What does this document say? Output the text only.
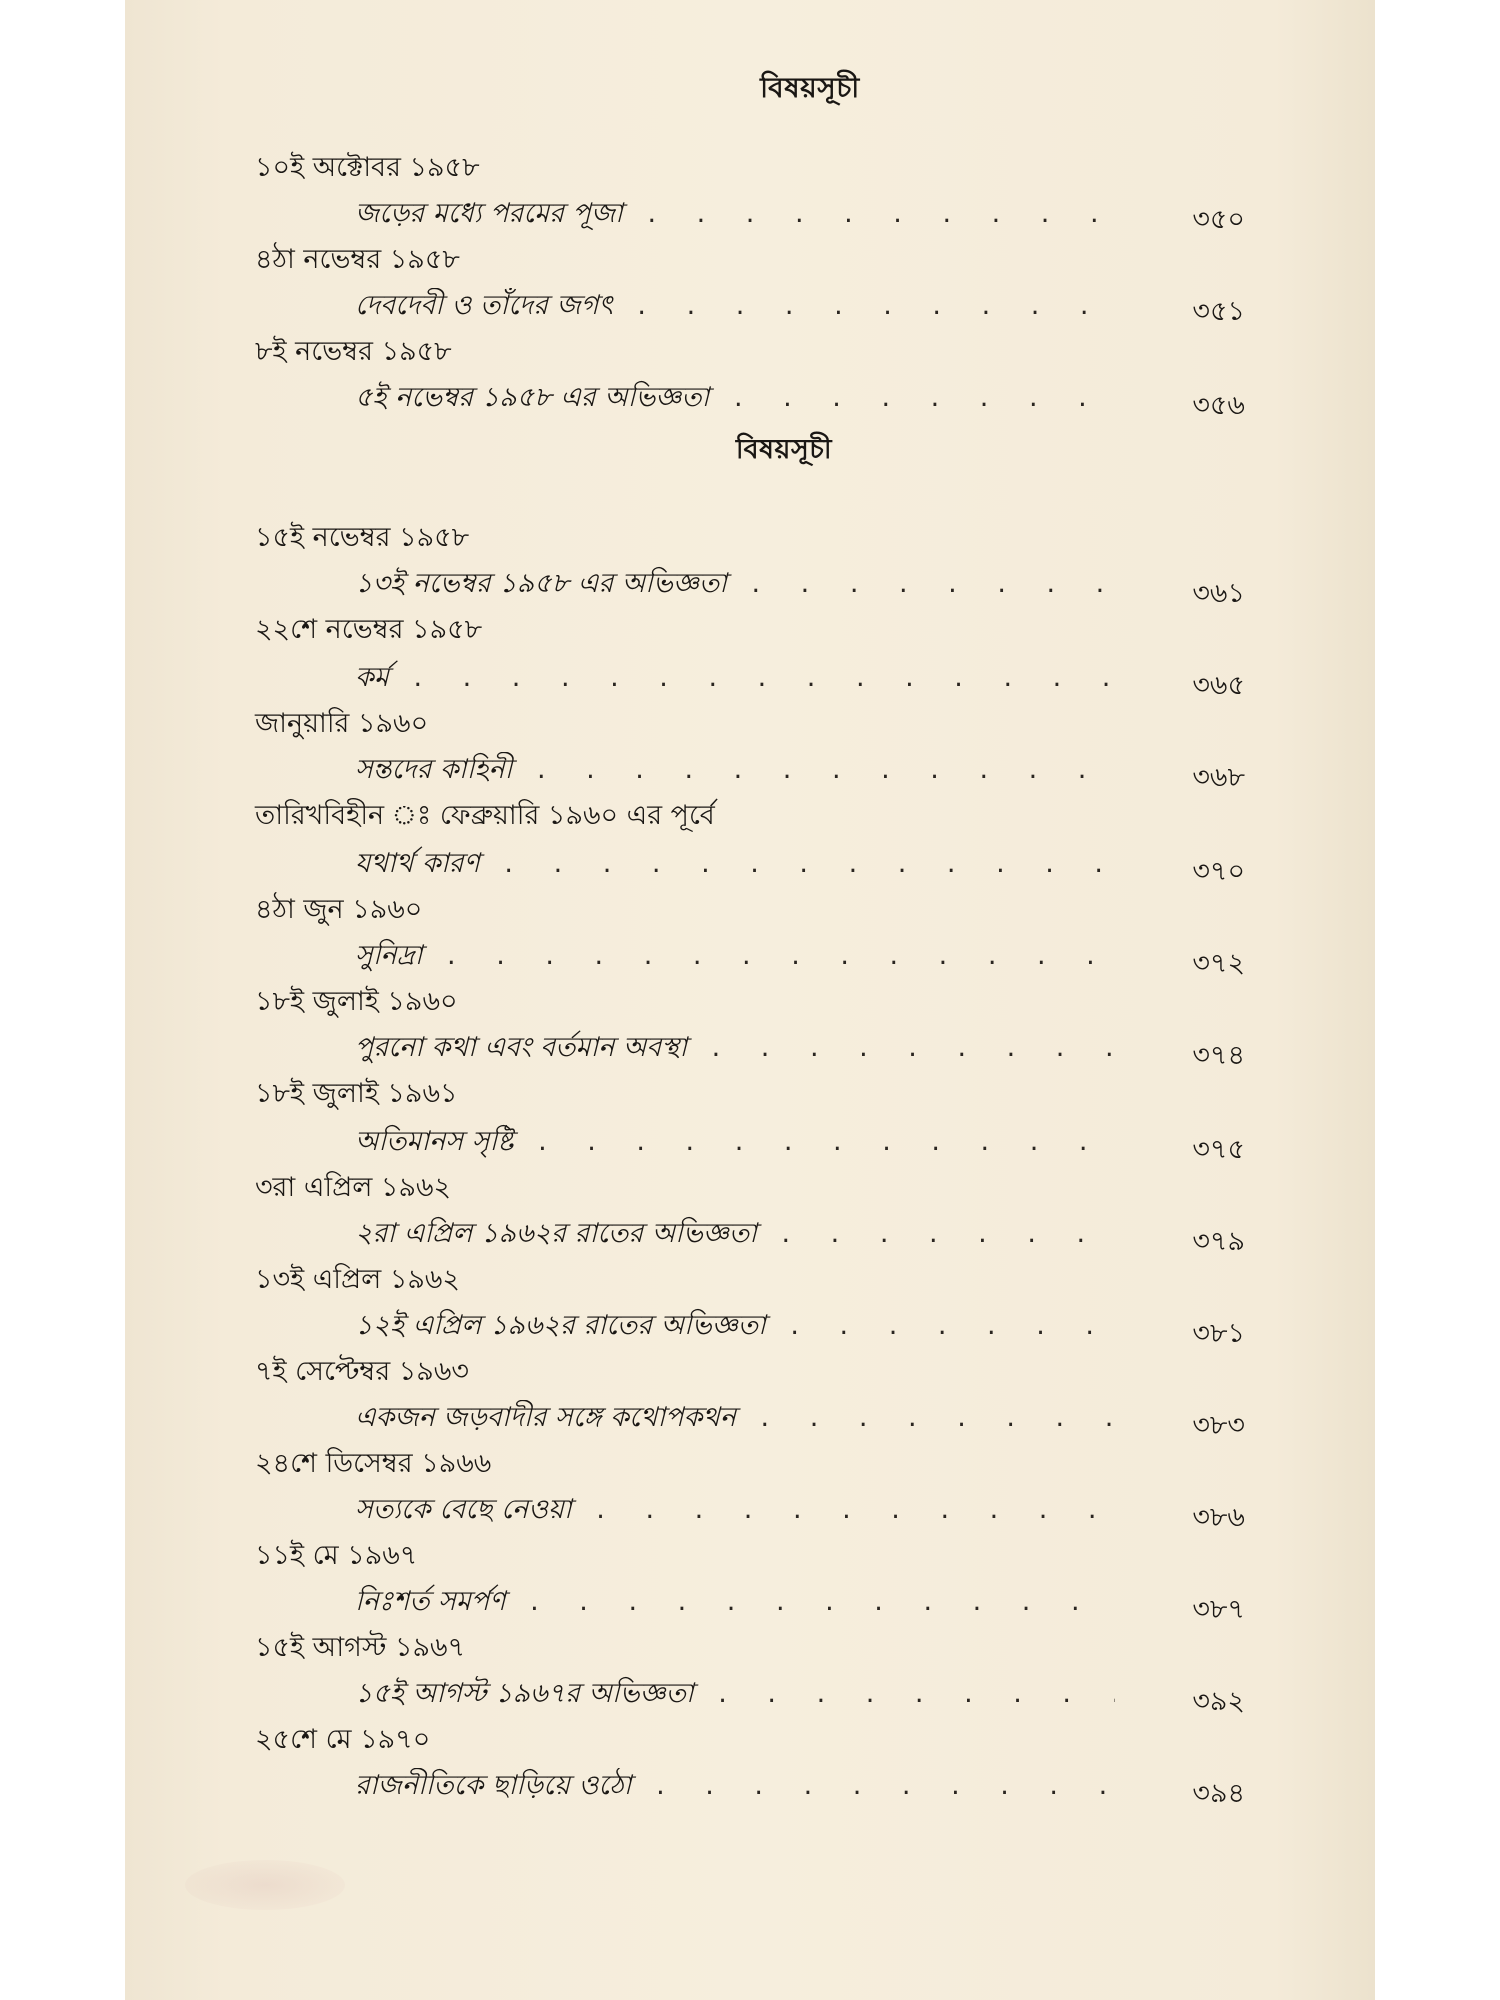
বিষয়সূচী
১০ই অক্টোবর ১৯৫৮
জড়ের মধ্যে পরমের পূজা . .	৩৫০
৪ঠা নভেম্বর ১৯৫৮
দেবদেবী ও তাঁদের জগৎ . .	৩৫১
৮ই নভেম্বর ১৯৫৮
৫ই নভেম্বর ১৯৫৮ এর অভিজ্ঞতা . .	৩৫৬
বিষয়সূচী
১৫ই নভেম্বর ১৯৫৮
১৩ই নভেম্বর ১৯৫৮ এর অভিজ্ঞতা . .	৩৬১
২২শে নভেম্বর ১৯৫৮
কর্ম . .	৩৬৫
জানুয়ারি ১৯৬০
সন্তদের কাহিনী . .	৩৬৮
তারিখবিহীন ঃ ফেব্রুয়ারি ১৯৬০ এর পূর্বে
যথার্থ কারণ . .	৩৭০
৪ঠা জুন ১৯৬০
সুনিদ্রা . .	৩৭২
১৮ই জুলাই ১৯৬০
পুরনো কথা এবং বর্তমান অবস্থা . .	৩৭৪
১৮ই জুলাই ১৯৬১
অতিমানস সৃষ্টি . .	৩৭৫
৩রা এপ্রিল ১৯৬২
২রা এপ্রিল ১৯৬২র রাতের অভিজ্ঞতা . .	৩৭৯
১৩ই এপ্রিল ১৯৬২
১২ই এপ্রিল ১৯৬২র রাতের অভিজ্ঞতা . .	৩৮১
৭ই সেপ্টেম্বর ১৯৬৩
একজন জড়বাদীর সঙ্গে কথোপকথন . .	৩৮৩
২৪শে ডিসেম্বর ১৯৬৬
সত্যকে বেছে নেওয়া . .	৩৮৬
১১ই মে ১৯৬৭
নিঃশর্ত সমর্পণ . .	৩৮৭
১৫ই আগস্ট ১৯৬৭
১৫ই আগস্ট ১৯৬৭র অভিজ্ঞতা . .	৩৯২
২৫শে মে ১৯৭০
রাজনীতিকে ছাড়িয়ে ওঠো . .	৩৯৪
